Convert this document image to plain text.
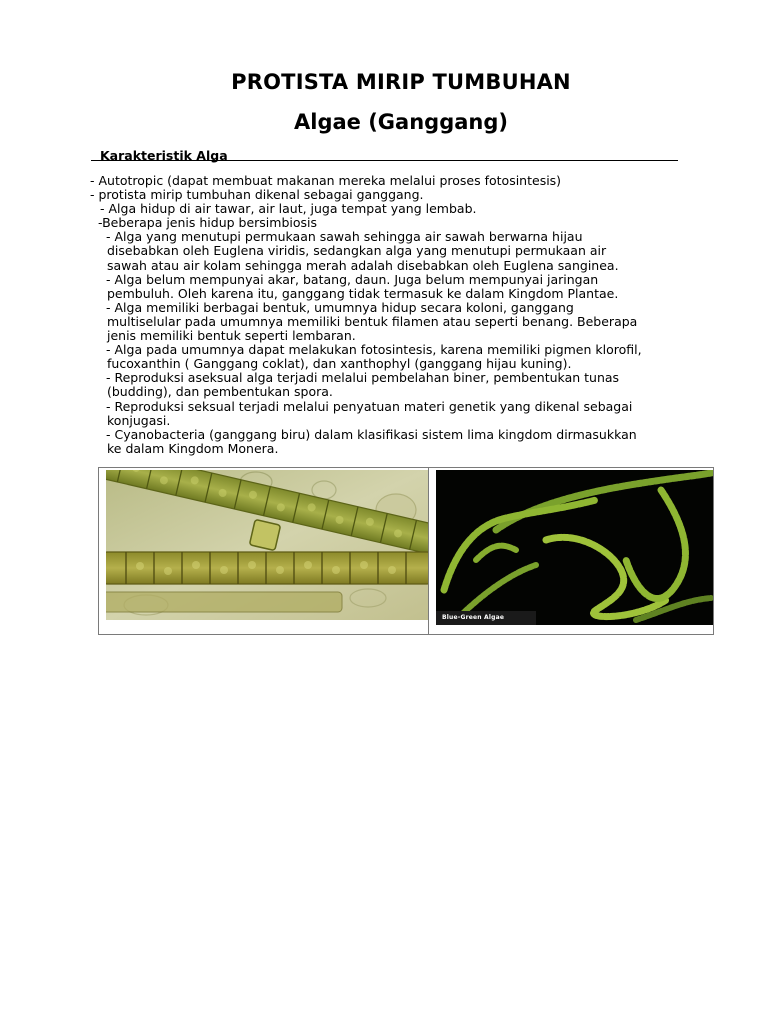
PROTISTA MIRIP TUMBUHAN
Algae (Ganggang)
Karakteristik Alga
- Autotropic (dapat membuat makanan mereka melalui proses fotosintesis)
- protista mirip tumbuhan dikenal sebagai ganggang.
- Alga hidup di air tawar, air laut, juga tempat yang lembab.
-Beberapa jenis hidup bersimbiosis
- Alga yang menutupi permukaan sawah sehingga air sawah berwarna hijau
disebabkan oleh Euglena viridis, sedangkan alga yang menutupi permukaan air
sawah atau air kolam sehingga merah adalah disebabkan oleh Euglena sanginea.
- Alga belum mempunyai akar, batang, daun. Juga belum mempunyai jaringan
pembuluh. Oleh karena itu, ganggang tidak termasuk ke dalam Kingdom Plantae.
- Alga memiliki berbagai bentuk, umumnya hidup secara koloni, ganggang
multiselular pada umumnya memiliki bentuk filamen atau seperti benang. Beberapa
jenis memiliki bentuk seperti lembaran.
- Alga pada umumnya dapat melakukan fotosintesis, karena memiliki pigmen klorofil,
fucoxanthin ( Ganggang coklat), dan xanthophyl (ganggang hijau kuning).
- Reproduksi aseksual alga terjadi melalui pembelahan biner, pembentukan tunas
(budding), dan pembentukan spora.
- Reproduksi seksual terjadi melalui penyatuan materi genetik yang dikenal sebagai
konjugasi.
- Cyanobacteria (ganggang biru) dalam klasifikasi sistem lima kingdom dirmasukkan
ke dalam Kingdom Monera.
Blue-Green Algae
